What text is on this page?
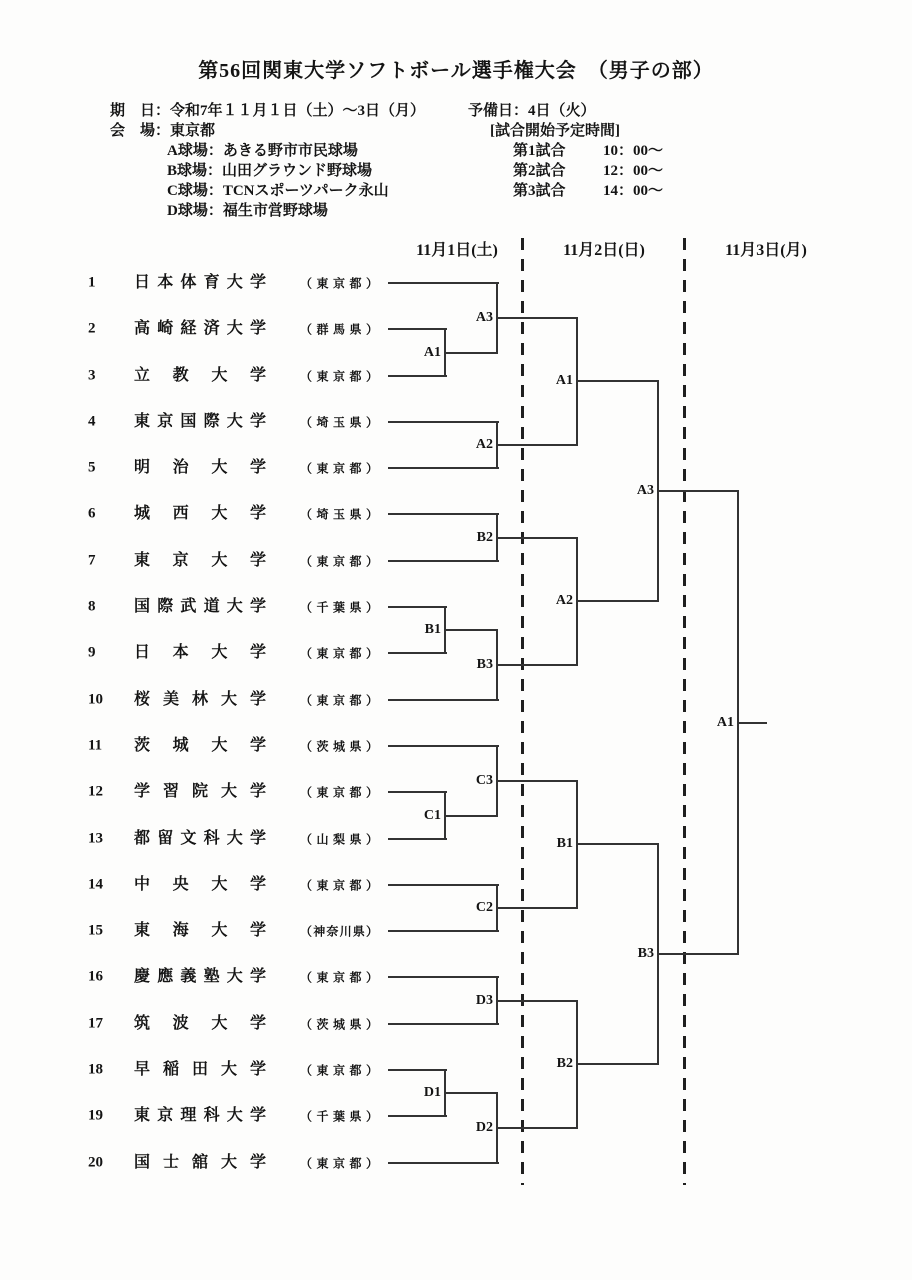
第56回関東大学ソフトボール選手権大会　（男子の部）
期　日：令和7年１１月１日（土）～3日（月）
会　場：東京都
A球場：あきる野市市民球場
B球場：山田グラウンド野球場
C球場：TCNスポーツパーク永山
D球場：福生市営野球場
予備日：4日（火）
[試合開始予定時間]
第1試合	10：00～
第2試合	12：00～
第3試合	14：00～
11月1日(土)	11月2日(日)	11月3日(月)
1 日本体育大学	（東京都）
2 高崎経済大学	（群馬県）
3 立教大学	（東京都）
4 東京国際大学	（埼玉県）
5 明治大学	（東京都）
6 城西大学	（埼玉県）
7 東京大学	（東京都）
8 国際武道大学	（千葉県）
9 日本大学	（東京都）
10 桜美林大学	（東京都）
11 茨城大学	（茨城県）
12 学習院大学	（東京都）
13 都留文科大学	（山梨県）
14 中央大学	（東京都）
15 東海大学	（神奈川県）
16 慶應義塾大学	（東京都）
17 筑波大学	（茨城県）
18 早稲田大学	（東京都）
19 東京理科大学	（千葉県）
20 国士舘大学	（東京都）
A1
A3
A2
B2
B1
B3
C1
C3
C2
D3
D1
D2
A1
A2
B1
B2
A3
B3
A1
